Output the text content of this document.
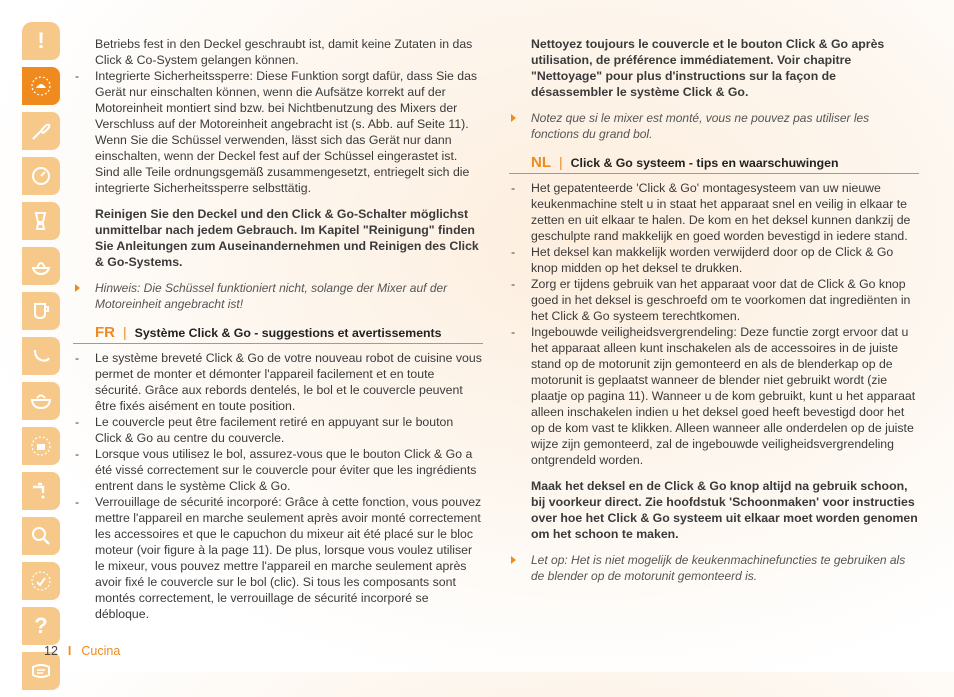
!
?

Betriebs fest in den Deckel geschraubt ist, damit keine Zutaten in das Click & Co-System gelangen können.

- Integrierte Sicherheitssperre: Diese Funktion sorgt dafür, dass Sie das Gerät nur einschalten können, wenn die Aufsätze korrekt auf der Motoreinheit montiert sind bzw. bei Nichtbenutzung des Mixers der Verschluss auf der Motoreinheit angebracht ist (s. Abb. auf Seite 11). Wenn Sie die Schüssel verwenden, lässt sich das Gerät nur dann einschalten, wenn der Deckel fest auf der Schüssel eingerastet ist. Sind alle Teile ordnungsgemäß zusammengesetzt, entriegelt sich die integrierte Sicherheitssperre selbsttätig.

Reinigen Sie den Deckel und den Click & Go-Schalter möglichst unmittelbar nach jedem Gebrauch. Im Kapitel "Reinigung" finden Sie Anleitungen zum Auseinandernehmen und Reinigen des Click & Go-Systems.

Hinweis: Die Schüssel funktioniert nicht, solange der Mixer auf der Motoreinheit angebracht ist!

FR | Système Click & Go - suggestions et avertissements

- Le système breveté Click & Go de votre nouveau robot de cuisine vous permet de monter et démonter l'appareil facilement et en toute sécurité. Grâce aux rebords dentelés, le bol et le couvercle peuvent être fixés aisément en toute position.

- Le couvercle peut être facilement retiré en appuyant sur le bouton Click & Go au centre du couvercle.

- Lorsque vous utilisez le bol, assurez-vous que le bouton Click & Go a été vissé correctement sur le couvercle pour éviter que les ingrédients entrent dans le système Click & Go.

- Verrouillage de sécurité incorporé: Grâce à cette fonction, vous pouvez mettre l'appareil en marche seulement après avoir monté correctement les accessoires et que le capuchon du mixeur ait été placé sur le bloc moteur (voir figure à la page 11). De plus, lorsque vous voulez utiliser le mixeur, vous pouvez mettre l'appareil en marche seulement après avoir fixé le couvercle sur le bol (clic). Si tous les composants sont montés correctement, le verrouillage de sécurité incorporé se débloque.

Nettoyez toujours le couvercle et le bouton Click & Go après utilisation, de préférence immédiatement. Voir chapitre "Nettoyage" pour plus d'instructions sur la façon de désassembler le système Click & Go.

Notez que si le mixer est monté, vous ne pouvez pas utiliser les fonctions du grand bol.

NL | Click & Go systeem - tips en waarschuwingen

- Het gepatenteerde 'Click & Go' montagesysteem van uw nieuwe keukenmachine stelt u in staat het apparaat snel en veilig in elkaar te zetten en uit elkaar te halen. De kom en het deksel kunnen dankzij de geschulpte rand makkelijk en goed worden bevestigd in iedere stand.

- Het deksel kan makkelijk worden verwijderd door op de Click & Go knop midden op het deksel te drukken.

- Zorg er tijdens gebruik van het apparaat voor dat de Click & Go knop goed in het deksel is geschroefd om te voorkomen dat ingrediënten in het Click & Go systeem terechtkomen.

- Ingebouwde veiligheidsvergrendeling: Deze functie zorgt ervoor dat u het apparaat alleen kunt inschakelen als de accessoires in de juiste stand op de motorunit zijn gemonteerd en als de blenderkap op de motorunit is geplaatst wanneer de blender niet gebruikt wordt (zie plaatje op pagina 11). Wanneer u de kom gebruikt, kunt u het apparaat alleen inschakelen indien u het deksel goed heeft bevestigd door het op de kom vast te klikken. Alleen wanneer alle onderdelen op de juiste wijze zijn gemonteerd, zal de ingebouwde veiligheidsvergrendeling ontgrendeld worden.

Maak het deksel en de Click & Go knop altijd na gebruik schoon, bij voorkeur direct. Zie hoofdstuk 'Schoonmaken' voor instructies over hoe het Click & Go systeem uit elkaar moet worden genomen om het schoon te maken.

Let op: Het is niet mogelijk de keukenmachinefuncties te gebruiken als de blender op de motorunit gemonteerd is.

12 I Cucina
